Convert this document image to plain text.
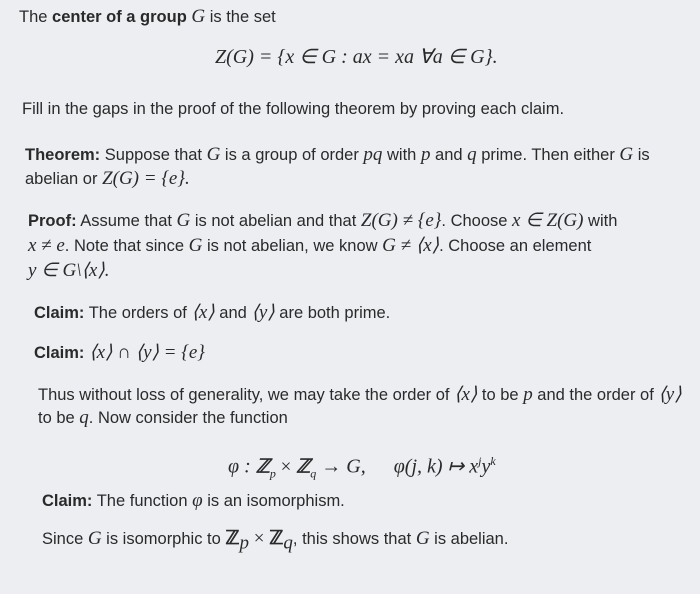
The center of a group G is the set
Z(G) = {x ∈ G : ax = xa ∀a ∈ G}.
Fill in the gaps in the proof of the following theorem by proving each claim.
Theorem: Suppose that G is a group of order pq with p and q prime. Then either G is
abelian or Z(G) = {e}.
Proof: Assume that G is not abelian and that Z(G) ≠ {e}. Choose x ∈ Z(G) with
x ≠ e. Note that since G is not abelian, we know G ≠ ⟨x⟩. Choose an element
y ∈ G\⟨x⟩.
Claim: The orders of ⟨x⟩ and ⟨y⟩ are both prime.
Claim: ⟨x⟩ ∩ ⟨y⟩ = {e}
Thus without loss of generality, we may take the order of ⟨x⟩ to be p and the order of ⟨y⟩
to be q. Now consider the function
φ : ℤ$_p$ × ℤ$_q$ → G, φ(j, k) ↦ $x^jy^k$
Claim: The function φ is an isomorphism.
Since G is isomorphic to ℤ$_p$ × ℤ$_q$, this shows that G is abelian.
